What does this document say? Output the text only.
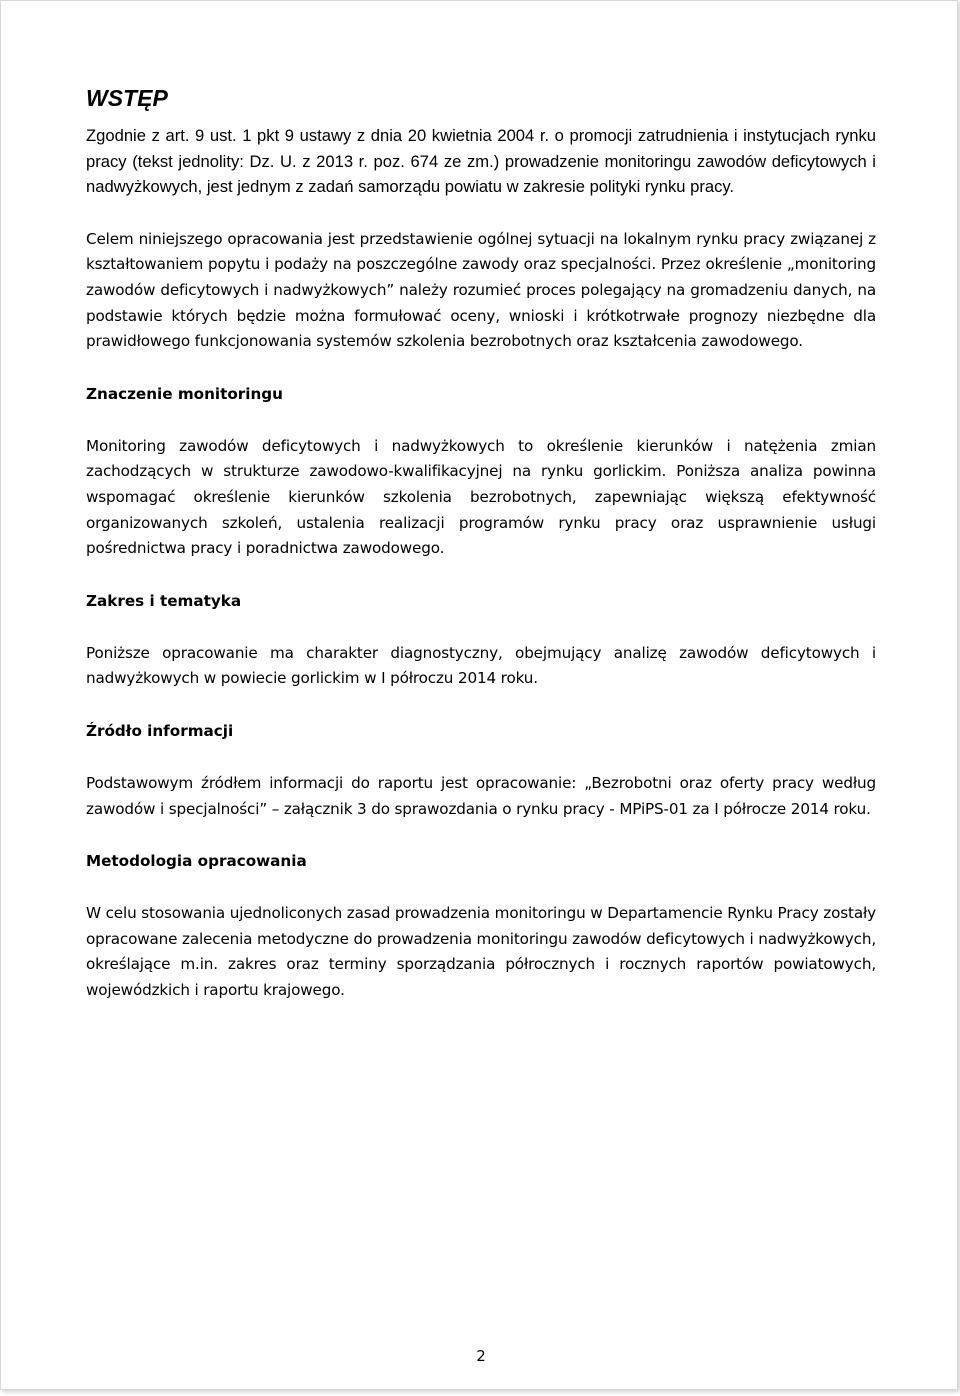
WSTĘP

Zgodnie z art. 9 ust. 1 pkt 9 ustawy z dnia 20 kwietnia 2004 r. o promocji zatrudnienia i instytucjach rynku pracy (tekst jednolity: Dz. U. z 2013 r. poz. 674 ze zm.) prowadzenie monitoringu zawodów deficytowych i nadwyżkowych, jest jednym z zadań samorządu powiatu w zakresie polityki rynku pracy.

Celem niniejszego opracowania jest przedstawienie ogólnej sytuacji na lokalnym rynku pracy związanej z kształtowaniem popytu i podaży na poszczególne zawody oraz specjalności. Przez określenie „monitoring zawodów deficytowych i nadwyżkowych” należy rozumieć proces polegający na gromadzeniu danych, na podstawie których będzie można formułować oceny, wnioski i krótkotrwałe prognozy niezbędne dla prawidłowego funkcjonowania systemów szkolenia bezrobotnych oraz kształcenia zawodowego.

Znaczenie monitoringu

Monitoring zawodów deficytowych i nadwyżkowych to określenie kierunków i natężenia zmian zachodzących w strukturze zawodowo-kwalifikacyjnej na rynku gorlickim. Poniższa analiza powinna wspomagać określenie kierunków szkolenia bezrobotnych, zapewniając większą efektywność organizowanych szkoleń, ustalenia realizacji programów rynku pracy oraz usprawnienie usługi pośrednictwa pracy i poradnictwa zawodowego.

Zakres i tematyka

Poniższe opracowanie ma charakter diagnostyczny, obejmujący analizę zawodów deficytowych i nadwyżkowych w powiecie gorlickim w I półroczu 2014 roku.

Źródło informacji

Podstawowym źródłem informacji do raportu jest opracowanie: „Bezrobotni oraz oferty pracy według zawodów i specjalności” – załącznik 3 do sprawozdania o rynku pracy - MPiPS-01 za I półrocze 2014 roku.

Metodologia opracowania

W celu stosowania ujednoliconych zasad prowadzenia monitoringu w Departamencie Rynku Pracy zostały opracowane zalecenia metodyczne do prowadzenia monitoringu zawodów deficytowych i nadwyżkowych, określające m.in. zakres oraz terminy sporządzania półrocznych i rocznych raportów powiatowych, wojewódzkich i raportu krajowego.

2
